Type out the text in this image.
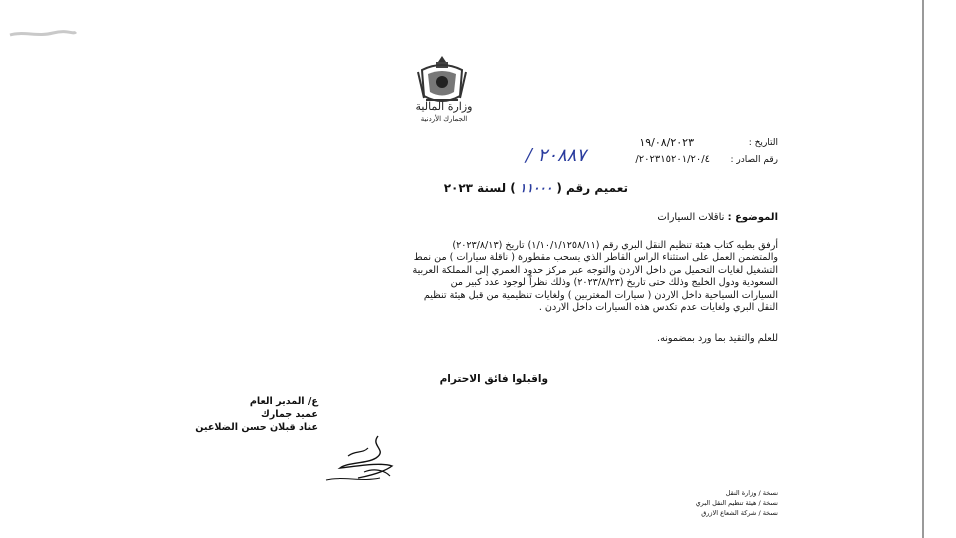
وزارة المالية
الجمارك الأردنية
التاريخ :
١٩/٠٨/٢٠٢٣
رقم الصادر :
٢٠٢٣١٥٢٠١/٢٠/٤/
٢٠٨٨٧ /
تعميم رقم ( ١١٠٠٠ ) لسنة ٢٠٢٣
الموضوع : ناقلات السيارات

أرفق بطيه كتاب هيئة تنظيم النقل البري رقم (١/١٠/١/١٢٥٨/١١) تاريخ (٢٠٢٣/٨/١٣)

والمتضمن العمل على استثناء الراس القاطر الذي يسحب مقطورة ( ناقلة سيارات ) من نمط

التشغيل لغايات التحميل من داخل الاردن والتوجه عبر مركز حدود العمري إلى المملكة العربية

السعودية ودول الخليج وذلك حتى تاريخ (٢٠٢٣/٨/٢٣) وذلك نظراً لوجود عدد كبير من

السيارات السياحية داخل الاردن ( سيارات المغتربين ) ولغايات تنظيمية من قبل هيئة تنظيم

النقل البري ولغايات عدم تكدس هذه السيارات داخل الاردن .

للعلم والتقيد بما ورد بمضمونه.
واقبلوا فائق الاحترام
ع/ المدير العام
عميد جمارك
عناد قبلان حسن الضلاعين
نسخة / وزارة النقل
نسخة / هيئة تنظيم النقل البري
نسخة / شركة الشعاع الازرق
